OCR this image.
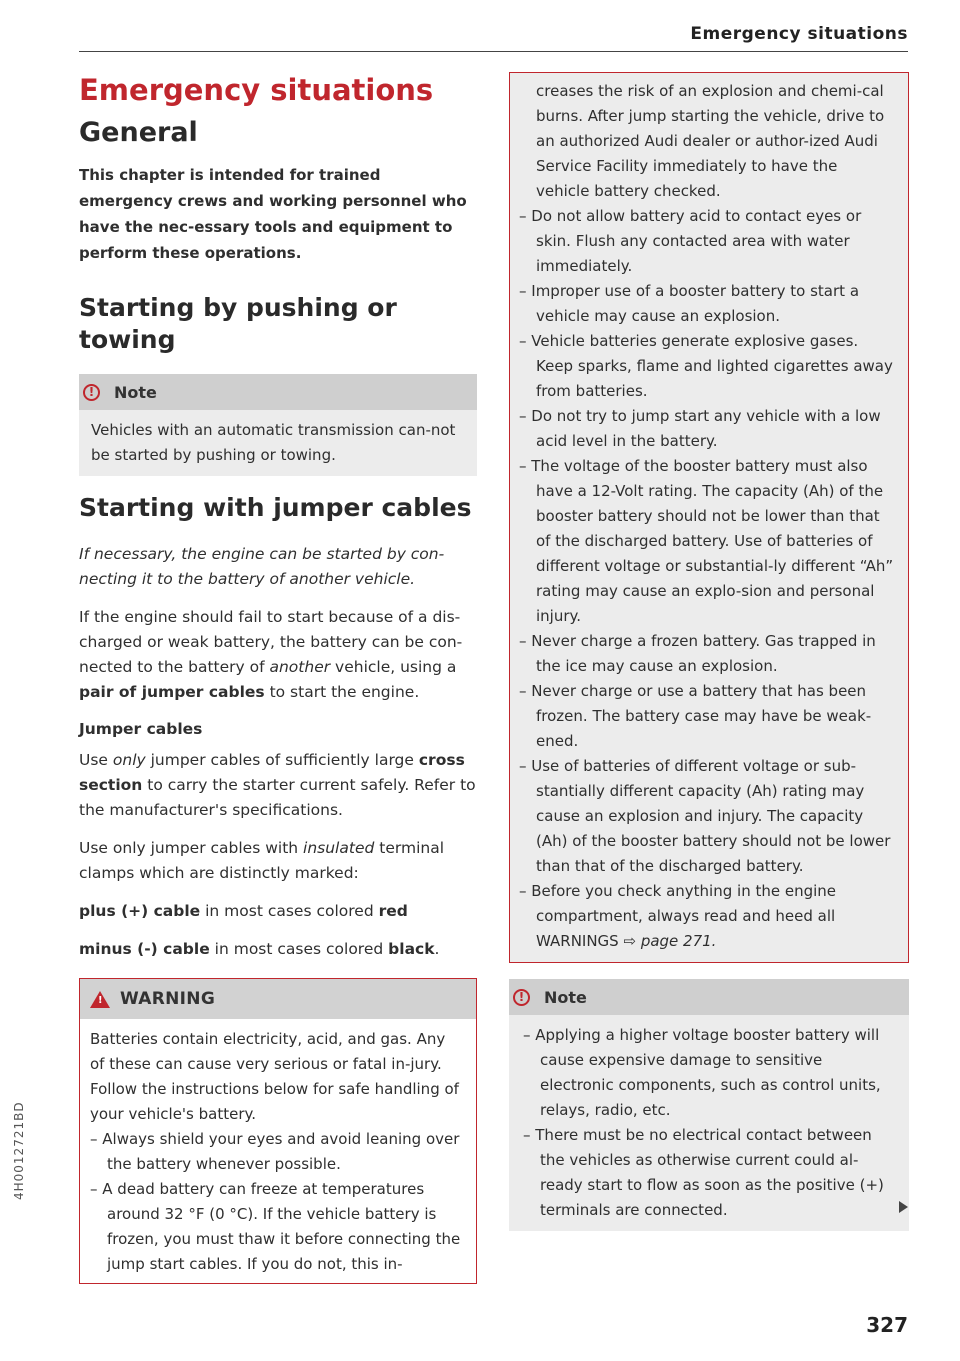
Emergency situations
Emergency situations
General

This chapter is intended for trained emergency crews and working personnel who have the nec-essary tools and equipment to perform these operations.

Starting by pushing or towing
!	Note
Vehicles with an automatic transmission can-not be started by pushing or towing.
Starting with jumper cables

If necessary, the engine can be started by con-necting it to the battery of another vehicle.

If the engine should fail to start because of a dis-charged or weak battery, the battery can be con-nected to the battery of another vehicle, using a pair of jumper cables to start the engine.

Jumper cables

Use only jumper cables of sufficiently large cross section to carry the starter current safely. Refer to the manufacturer's specifications.

Use only jumper cables with insulated terminal clamps which are distinctly marked:

plus (+) cable in most cases colored red

minus (-) cable in most cases colored black.

! WARNING

Batteries contain electricity, acid, and gas. Any of these can cause very serious or fatal in-jury. Follow the instructions below for safe handling of your vehicle's battery.

– Always shield your eyes and avoid leaning over the battery whenever possible.
– A dead battery can freeze at temperatures around 32 °F (0 °C). If the vehicle battery is frozen, you must thaw it before connecting the jump start cables. If you do not, this in-

creases the risk of an explosion and chemi-cal burns. After jump starting the vehicle, drive to an authorized Audi dealer or author-ized Audi Service Facility immediately to have the vehicle battery checked.

– Do not allow battery acid to contact eyes or skin. Flush any contacted area with water immediately.
– Improper use of a booster battery to start a vehicle may cause an explosion.
– Vehicle batteries generate explosive gases. Keep sparks, flame and lighted cigarettes away from batteries.
– Do not try to jump start any vehicle with a low acid level in the battery.
– The voltage of the booster battery must also have a 12-Volt rating. The capacity (Ah) of the booster battery should not be lower than that of the discharged battery. Use of batteries of different voltage or substantial-ly different “Ah” rating may cause an explo-sion and personal injury.
– Never charge a frozen battery. Gas trapped in the ice may cause an explosion.
– Never charge or use a battery that has been frozen. The battery case may have be weak-ened.
– Use of batteries of different voltage or sub-stantially different capacity (Ah) rating may cause an explosion and injury. The capacity (Ah) of the booster battery should not be lower than that of the discharged battery.
– Before you check anything in the engine compartment, always read and heed all WARNINGS ⇨ page 271.
!	Note
– Applying a higher voltage booster battery will cause expensive damage to sensitive electronic components, such as control units, relays, radio, etc.
– There must be no electrical contact between the vehicles as otherwise current could al-ready start to flow as soon as the positive (+) terminals are connected.
327
4H0012721BD
